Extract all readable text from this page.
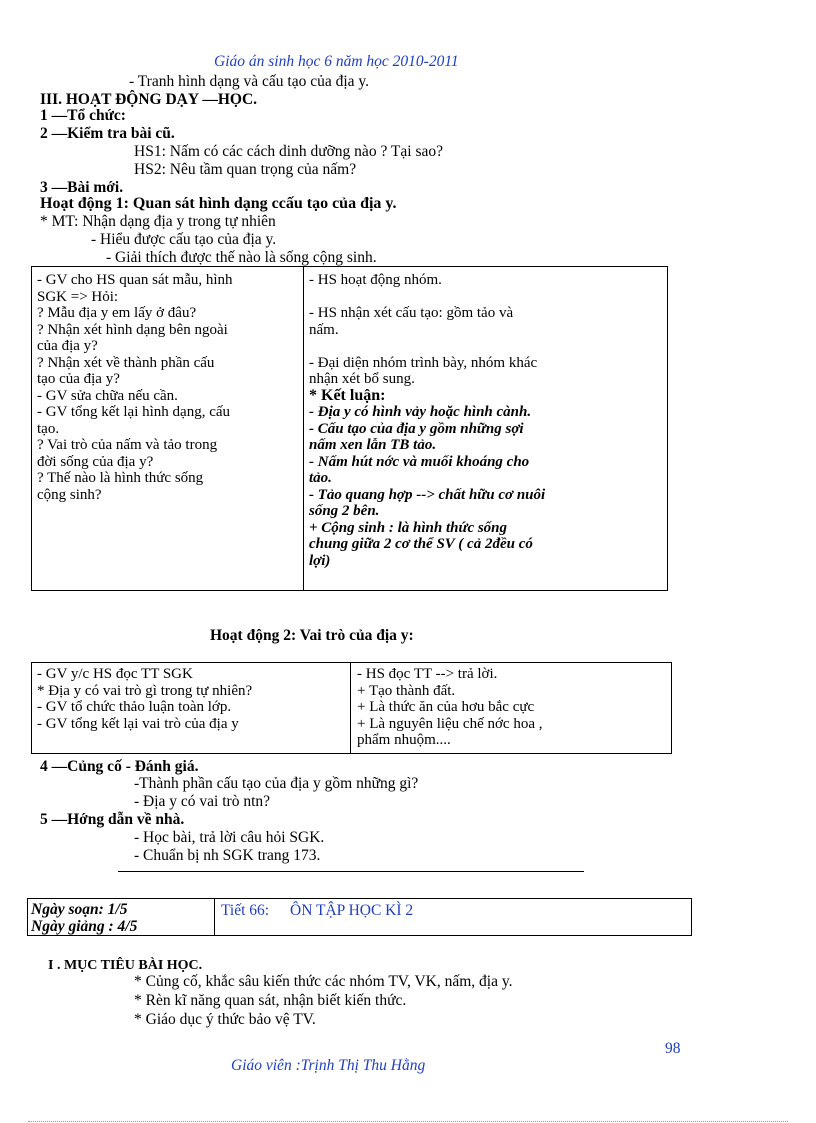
Giáo án sinh học 6 năm học 2010-2011
- Tranh hình dạng và cấu tạo của địa y.
III. HOẠT ĐỘNG DẠY —HỌC.
1 —Tổ chức:
2 —Kiểm tra bài cũ.
HS1: Nấm có các cách dinh dưỡng nào ? Tại sao?
HS2: Nêu tầm quan trọng của nấm?
3 —Bài mới.
Hoạt động 1: Quan sát hình dạng ccấu tạo của địa y.
* MT: Nhận dạng địa y trong tự nhiên
- Hiểu được cấu tạo của địa y.
- Giải thích được thế nào là sống cộng sinh.
- GV cho HS quan sát mẫu, hình
SGK => Hỏi:
? Mẫu địa y em lấy ở đâu?
? Nhận xét hình dạng bên ngoài
của địa y?
? Nhận xét về thành phần cấu
tạo của địa y?
- GV sửa chữa nếu cần.
- GV tổng kết lại hình dạng, cấu
tạo.
? Vai trò của nấm và tảo trong
đời sống của địa y?
? Thế nào là hình thức sống
cộng sinh?
- HS hoạt động nhóm.
- HS nhận xét cấu tạo: gồm tảo và
nấm.
- Đại diện nhóm trình bày, nhóm khác
nhận xét bổ sung.
* Kết luận:
- Địa y có hình vảy hoặc hình cành.
- Cấu tạo của địa y gồm những sợi
nấm xen lẫn TB tảo.
- Nấm hút nớc và muối khoáng cho
tảo.
- Tảo quang hợp --> chất hữu cơ nuôi
sống 2 bên.
+ Cộng sinh : là hình thức sống
chung giữa 2 cơ thể SV ( cả 2đều có
lợi)
Hoạt động 2: Vai trò của địa y:
- GV y/c HS đọc TT SGK
* Địa y có vai trò gì trong tự nhiên?
- GV tổ chức thảo luận toàn lớp.
- GV tổng kết lại vai trò của địa y
- HS đọc TT --> trả lời.
+ Tạo thành đất.
+ Là thức ăn của hơu bắc cực
+ Là nguyên liệu chế nớc hoa ,
phẩm nhuộm....
4 —Củng cố - Đánh giá.
-Thành phần cấu tạo của địa y gồm những gì?
- Địa y có vai trò ntn?
5 —Hớng dẫn về nhà.
- Học bài, trả lời câu hỏi SGK.
- Chuẩn bị nh SGK trang 173.
Ngày soạn: 1/5
Ngày giảng : 4/5
Tiết 66: ÔN TẬP HỌC KÌ 2
I . MỤC TIÊU BÀI HỌC.
* Củng cố, khắc sâu kiến thức các nhóm TV, VK, nấm, địa y.
* Rèn kĩ năng quan sát, nhận biết kiến thức.
* Giáo dục ý thức bảo vệ TV.
98
Giáo viên :Trịnh Thị Thu Hằng
